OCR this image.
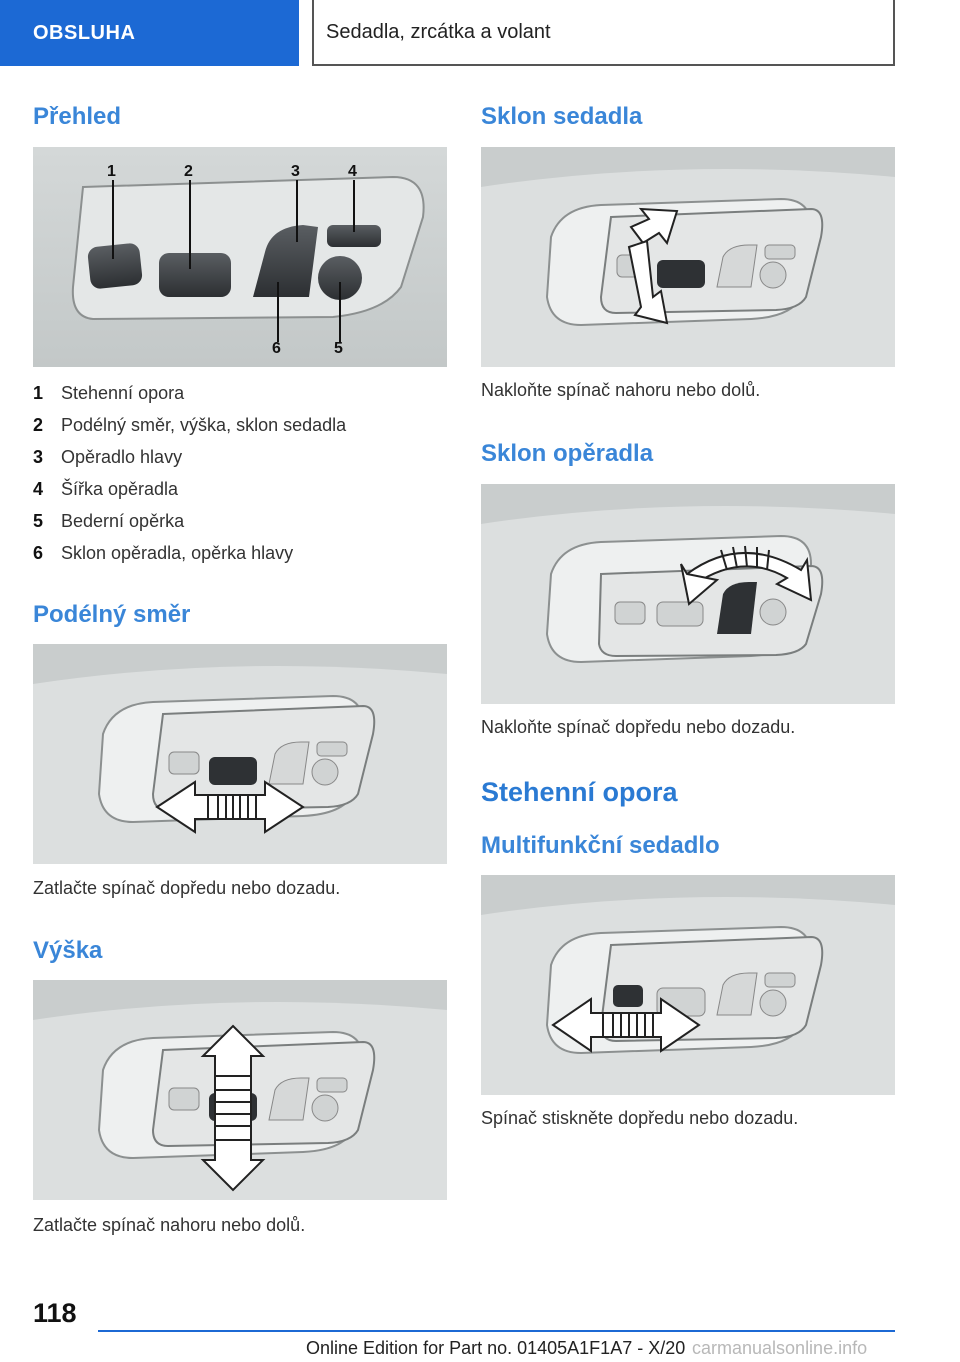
OBSLUHA	Sedadla, zrcátka a volant
Přehled
1	2	3	4
6	5
1 Stehenní opora
2 Podélný směr, výška, sklon sedadla
3 Opěradlo hlavy
4 Šířka opěradla
5 Bederní opěrka
6 Sklon opěradla, opěrka hlavy
Podélný směr

Zatlačte spínač dopředu nebo dozadu.

Výška

Zatlačte spínač nahoru nebo dolů.

Sklon sedadla

Nakloňte spínač nahoru nebo dolů.

Sklon opěradla

Nakloňte spínač dopředu nebo dozadu.

Stehenní opora
Multifunkční sedadlo

Spínač stiskněte dopředu nebo dozadu.

118
Online Edition for Part no. 01405A1F1A7 - X/20 carmanualsonline.info
